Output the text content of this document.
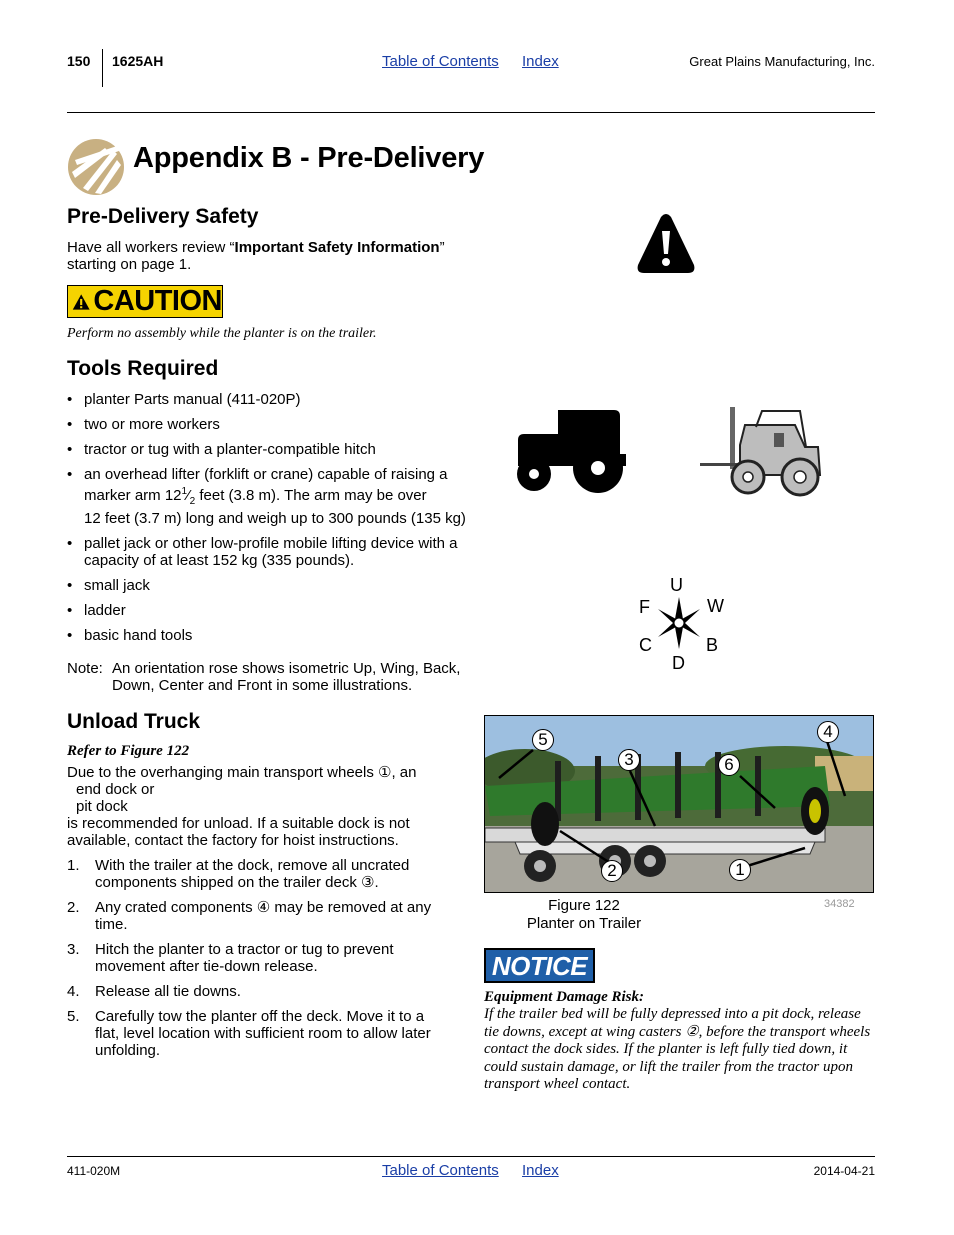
150 1625AH	Table of Contents Index	Great Plains Manufacturing, Inc.
Appendix B - Pre-Delivery
Pre-Delivery Safety
Have all workers review “Important Safety Information”
starting on page 1.
CAUTION
Perform no assembly while the planter is on the trailer.
Tools Required
• planter Parts manual (411-020P)
• two or more workers
• tractor or tug with a planter-compatible hitch
• an overhead lifter (forklift or crane) capable of raising a
marker arm $12^1⁄_2$ feet (3.8 m). The arm may be over
12 feet (3.7 m) long and weigh up to 300 pounds (135 kg)
• pallet jack or other low-profile mobile lifting device with a capacity of at least 152 kg (335 pounds).
• small jack
• ladder
• basic hand tools
Note: An orientation rose shows isometric Up, Wing, Back, Down, Center and Front in some illustrations.
U
F	W
C	B
D
Unload Truck
Refer to Figure 122
Due to the overhanging main transport wheels ①, an
end dock or
pit dock
is recommended for unload. If a suitable dock is not available, contact the factory for hoist instructions.
1. With the trailer at the dock, remove all uncrated components shipped on the trailer deck ③.
2. Any crated components ④ may be removed at any time.
3. Hitch the planter to a tractor or tug to prevent movement after tie-down release.
4. Release all tie downs.
5. Carefully tow the planter off the deck. Move it to a flat, level location with sufficient room to allow later unfolding.
5
3	6
4
2	1
Figure 122
Planter on Trailer
34382
NOTICE
Equipment Damage Risk:
If the trailer bed will be fully depressed into a pit dock, release tie downs, except at wing casters ②, before the transport wheels contact the dock sides. If the planter is left fully tied down, it could sustain damage, or lift the trailer from the tractor upon transport wheel contact.
411-020M	Table of Contents Index	2014-04-21
